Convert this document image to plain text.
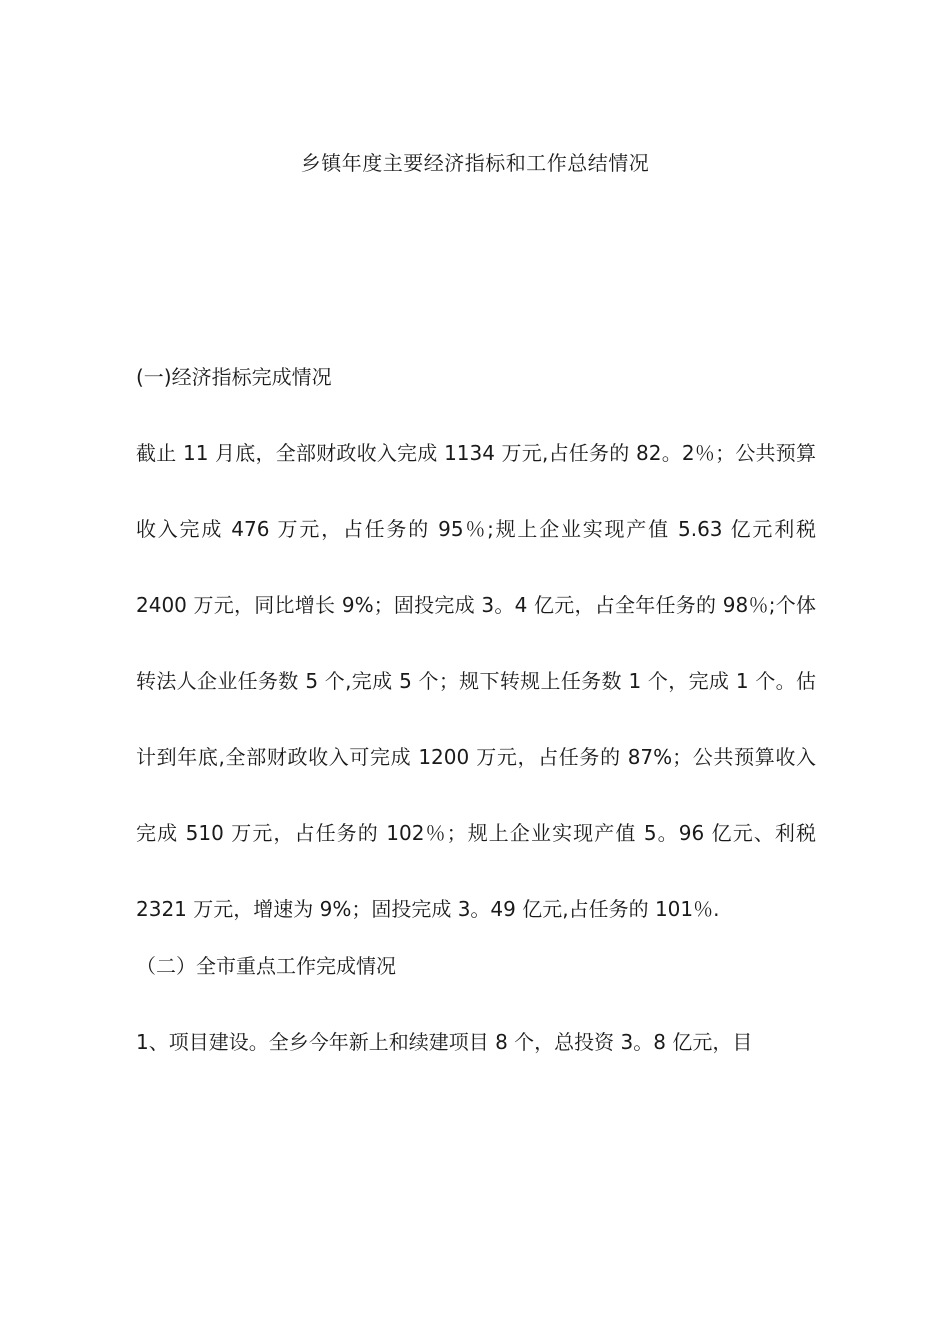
乡镇年度主要经济指标和工作总结情况

(一)经济指标完成情况

截止 11 月底，全部财政收入完成 1134 万元,占任务的 82。2％；公共预算收入完成 476 万元，占任务的 95％;规上企业实现产值 5.63 亿元利税 2400 万元，同比增长 9%；固投完成 3。4 亿元，占全年任务的 98％;个体转法人企业任务数 5 个,完成 5 个；规下转规上任务数 1 个，完成 1 个。估计到年底,全部财政收入可完成 1200 万元，占任务的 87%；公共预算收入完成 510 万元，占任务的 102％；规上企业实现产值 5。96 亿元、利税 2321 万元，增速为 9%；固投完成 3。49 亿元,占任务的 101％.

（二）全市重点工作完成情况

1、项目建设。全乡今年新上和续建项目 8 个，总投资 3。8 亿元，目
